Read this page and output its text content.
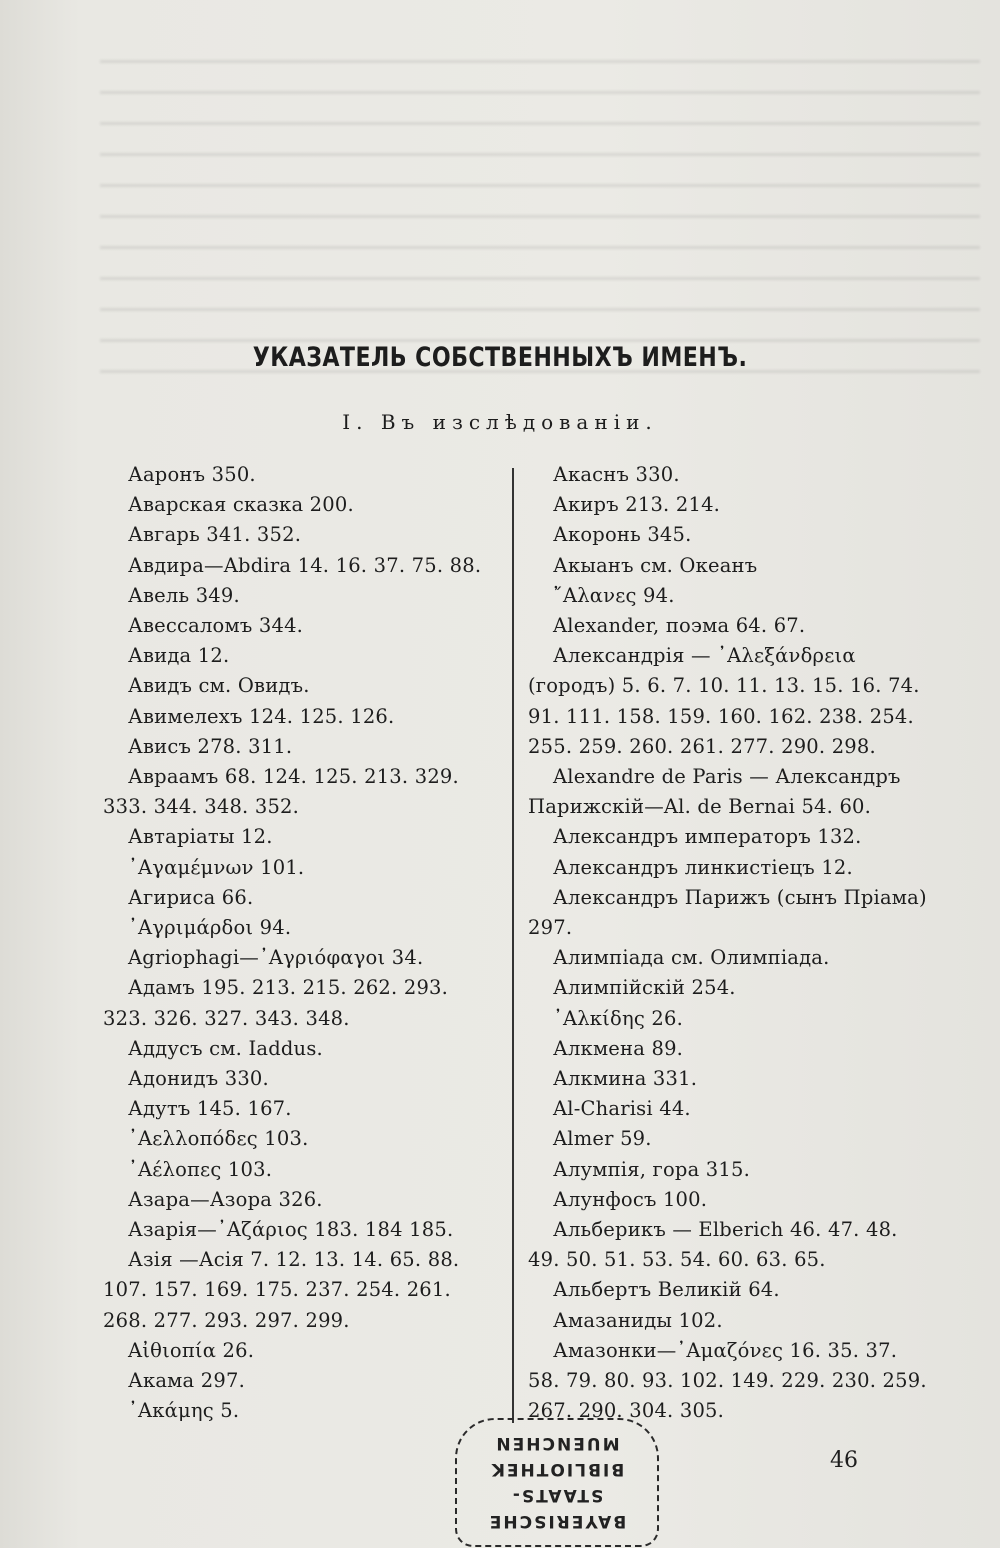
УКАЗАТЕЛЬ СОБСТВЕННЫХЪ ИМЕНЪ.
I. Въ изслѣдованіи.
Ааронъ 350.
Аварская сказка 200.
Авгарь 341. 352.
Авдира—Abdira 14. 16. 37. 75. 88.
Авель 349.
Авессаломъ 344.
Авида 12.
Авидъ см. Овидъ.
Авимелехъ 124. 125. 126.
Ависъ 278. 311.
Авраамъ 68. 124. 125. 213. 329. 333. 344. 348. 352.
Автаріаты 12.
᾿Αγαμέμνων 101.
Агириса 66.
᾿Αγριμάρδοι 94.
Agriophagi—᾿Αγριόφαγοι 34.
Адамъ 195. 213. 215. 262. 293. 323. 326. 327. 343. 348.
Аддусъ см. Iaddus.
Адонидъ 330.
Адутъ 145. 167.
᾿Αελλοπόδες 103.
᾿Αέλοπες 103.
Азара—Азора 326.
Азарія—᾿Αζάριος 183. 184 185.
Азія —Асія 7. 12. 13. 14. 65. 88. 107. 157. 169. 175. 237. 254. 261. 268. 277. 293. 297. 299.
Αἰθιοπία 26.
Акама 297.
᾿Ακάμης 5.
Акаснъ 330.
Акиръ 213. 214.
Акоронь 345.
Акыанъ см. Океанъ
῎Αλανες 94.
Alexander, поэма 64. 67.
Александрія — ᾿Αλεξάνδρεια (городъ) 5. 6. 7. 10. 11. 13. 15. 16. 74. 91. 111. 158. 159. 160. 162. 238. 254. 255. 259. 260. 261. 277. 290. 298.
Alexandre de Paris — Александръ Парижскій—Al. de Bernai 54. 60.
Александръ императоръ 132.
Александръ линкистіецъ 12.
Александръ Парижъ (сынъ Пріама) 297.
Алимпіада см. Олимпіада.
Алимпійскій 254.
᾿Αλκίδης 26.
Алкмена 89.
Алкмина 331.
Al-Charisi 44.
Almer 59.
Алумпія, гора 315.
Алунфосъ 100.
Альберикъ — Elberich 46. 47. 48. 49. 50. 51. 53. 54. 60. 63. 65.
Альбертъ Великій 64.
Амазаниды 102.
Амазонки—᾿Αμαζόνες 16. 35. 37. 58. 79. 80. 93. 102. 149. 229. 230. 259. 267. 290. 304. 305.
46
BAYERISCHE
STAATS-
BIBLIOTHEK
MUENCHEN
